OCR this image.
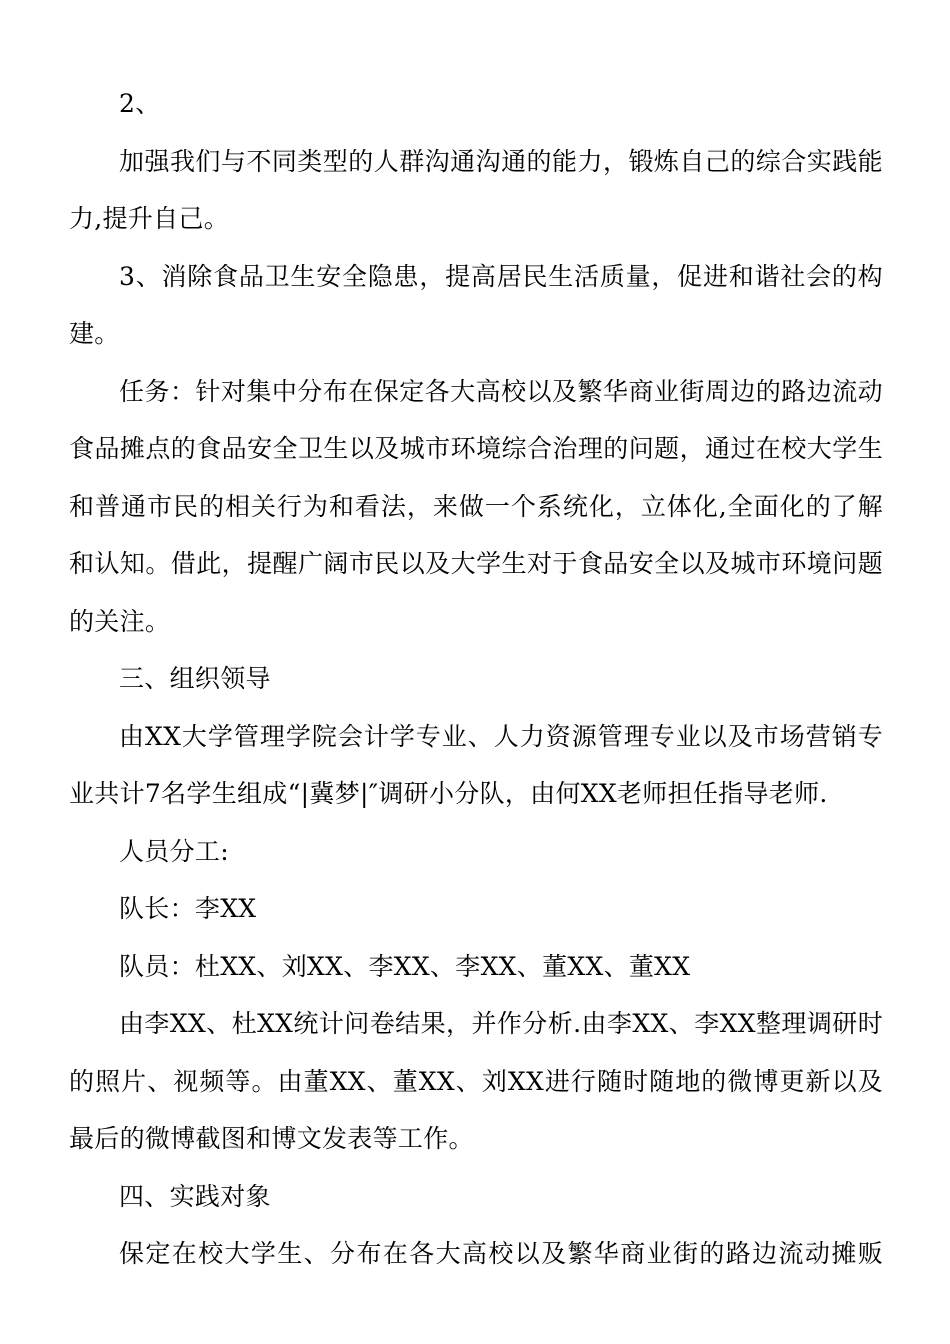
2、

加强我们与不同类型的人群沟通沟通的能力，锻炼自己的综合实践能力,提升自己。

3、消除食品卫生安全隐患，提高居民生活质量，促进和谐社会的构建。

任务：针对集中分布在保定各大高校以及繁华商业街周边的路边流动食品摊点的食品安全卫生以及城市环境综合治理的问题，通过在校大学生和普通市民的相关行为和看法，来做一个系统化，立体化,全面化的了解和认知。借此，提醒广阔市民以及大学生对于食品安全以及城市环境问题的关注。

三、组织领导

由XX大学管理学院会计学专业、人力资源管理专业以及市场营销专业共计7名学生组成“|冀梦|″调研小分队，由何XX老师担任指导老师.

人员分工:

队长：李XX

队员：杜XX、刘XX、李XX、李XX、董XX、董XX

由李XX、杜XX统计问卷结果，并作分析.由李XX、李XX整理调研时的照片、视频等。由董XX、董XX、刘XX进行随时随地的微博更新以及最后的微博截图和博文发表等工作。

四、实践对象

保定在校大学生、分布在各大高校以及繁华商业街的路边流动摊贩
